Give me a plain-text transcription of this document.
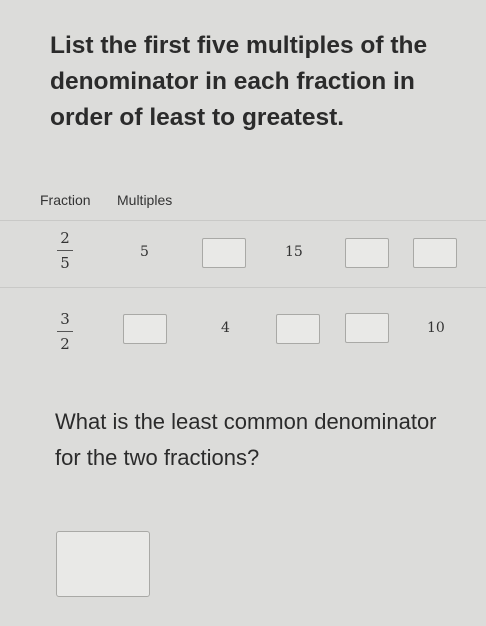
List the first five multiples of the denominator in each fraction in order of least to greatest.

Fraction Multiples
2
5
5	15
3
2
4	10

What is the least common denominator for the two fractions?
